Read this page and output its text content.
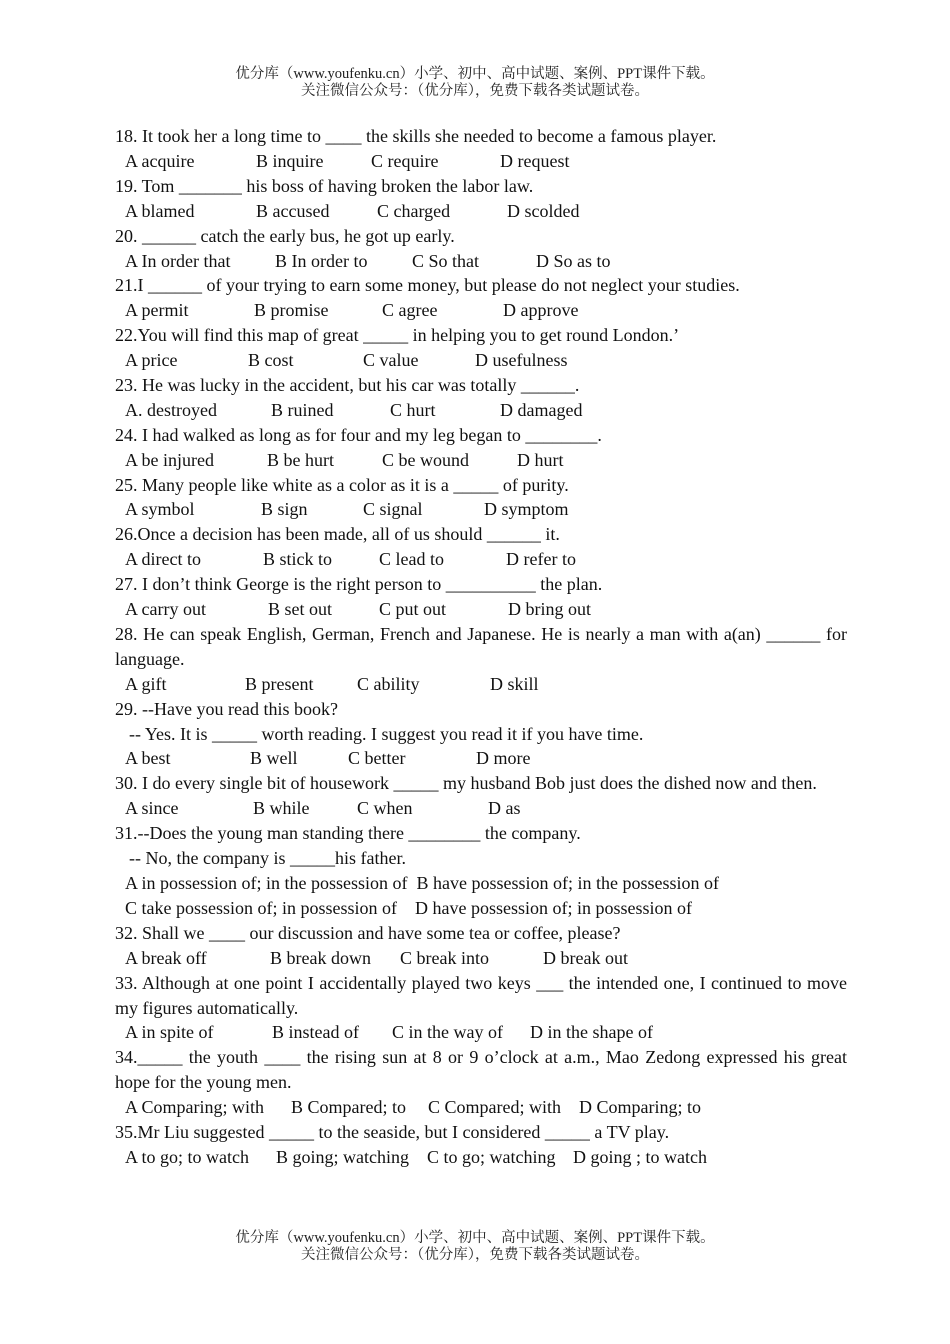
优分库（www.youfenku.cn）小学、初中、高中试题、案例、PPT课件下载。
关注微信公众号：（优分库），免费下载各类试题试卷。
18. It took her a long time to ____ the skills she needed to become a famous player.
A acquire	B inquire	C require	D request
19. Tom _______ his boss of having broken the labor law.
A blamed	B accused	C charged	D scolded
20. ______ catch the early bus, he got up early.
A In order that B In order to C So that	D So as to
21.I ______ of your trying to earn some money, but please do not neglect your studies.
A permit	B promise	C agree	D approve
22.You will find this map of great _____ in helping you to get round London.’
A price	B cost	C value	D usefulness
23. He was lucky in the accident, but his car was totally ______.
A. destroyed	B ruined	C hurt	D damaged
24. I had walked as long as for four and my leg began to ________.
A be injured	B be hurt	C be wound	D hurt
25. Many people like white as a color as it is a _____ of purity.
A symbol	B sign	C signal	D symptom
26.Once a decision has been made, all of us should ______ it.
A direct to	B stick to	C lead to	D refer to
27. I don’t think George is the right person to __________ the plan.
A carry out	B set out	C put out	D bring out
28. He can speak English, German, French and Japanese. He is nearly a man with a(an) ______ for language.
A gift	B present C ability	D skill
29. --Have you read this book?
-- Yes. It is _____ worth reading. I suggest you read it if you have time.
A best	B well	C better	D more
30. I do every single bit of housework _____ my husband Bob just does the dished now and then.
A since	B while	C when	D as
31.--Does the young man standing there ________ the company.
-- No, the company is _____his father.
A in possession of; in the possession of  B have possession of; in the possession of
C take possession of; in possession of    D have possession of; in possession of
32. Shall we ____ our discussion and have some tea or coffee, please?
A break off	B break down C break into	D break out
33. Although at one point I accidentally played two keys ___ the intended one, I continued to move my figures automatically.
A in spite of	B instead of C in the way of D in the shape of
34._____ the youth ____ the rising sun at 8 or 9 o’clock at a.m., Mao Zedong expressed his great hope for the young men.
A Comparing; with B Compared; to C Compared; with D Comparing; to
35.Mr Liu suggested _____ to the seaside, but I considered _____ a TV play.
A to go; to watch B going; watching C to go; watching D going ; to watch
优分库（www.youfenku.cn）小学、初中、高中试题、案例、PPT课件下载。
关注微信公众号：（优分库），免费下载各类试题试卷。
